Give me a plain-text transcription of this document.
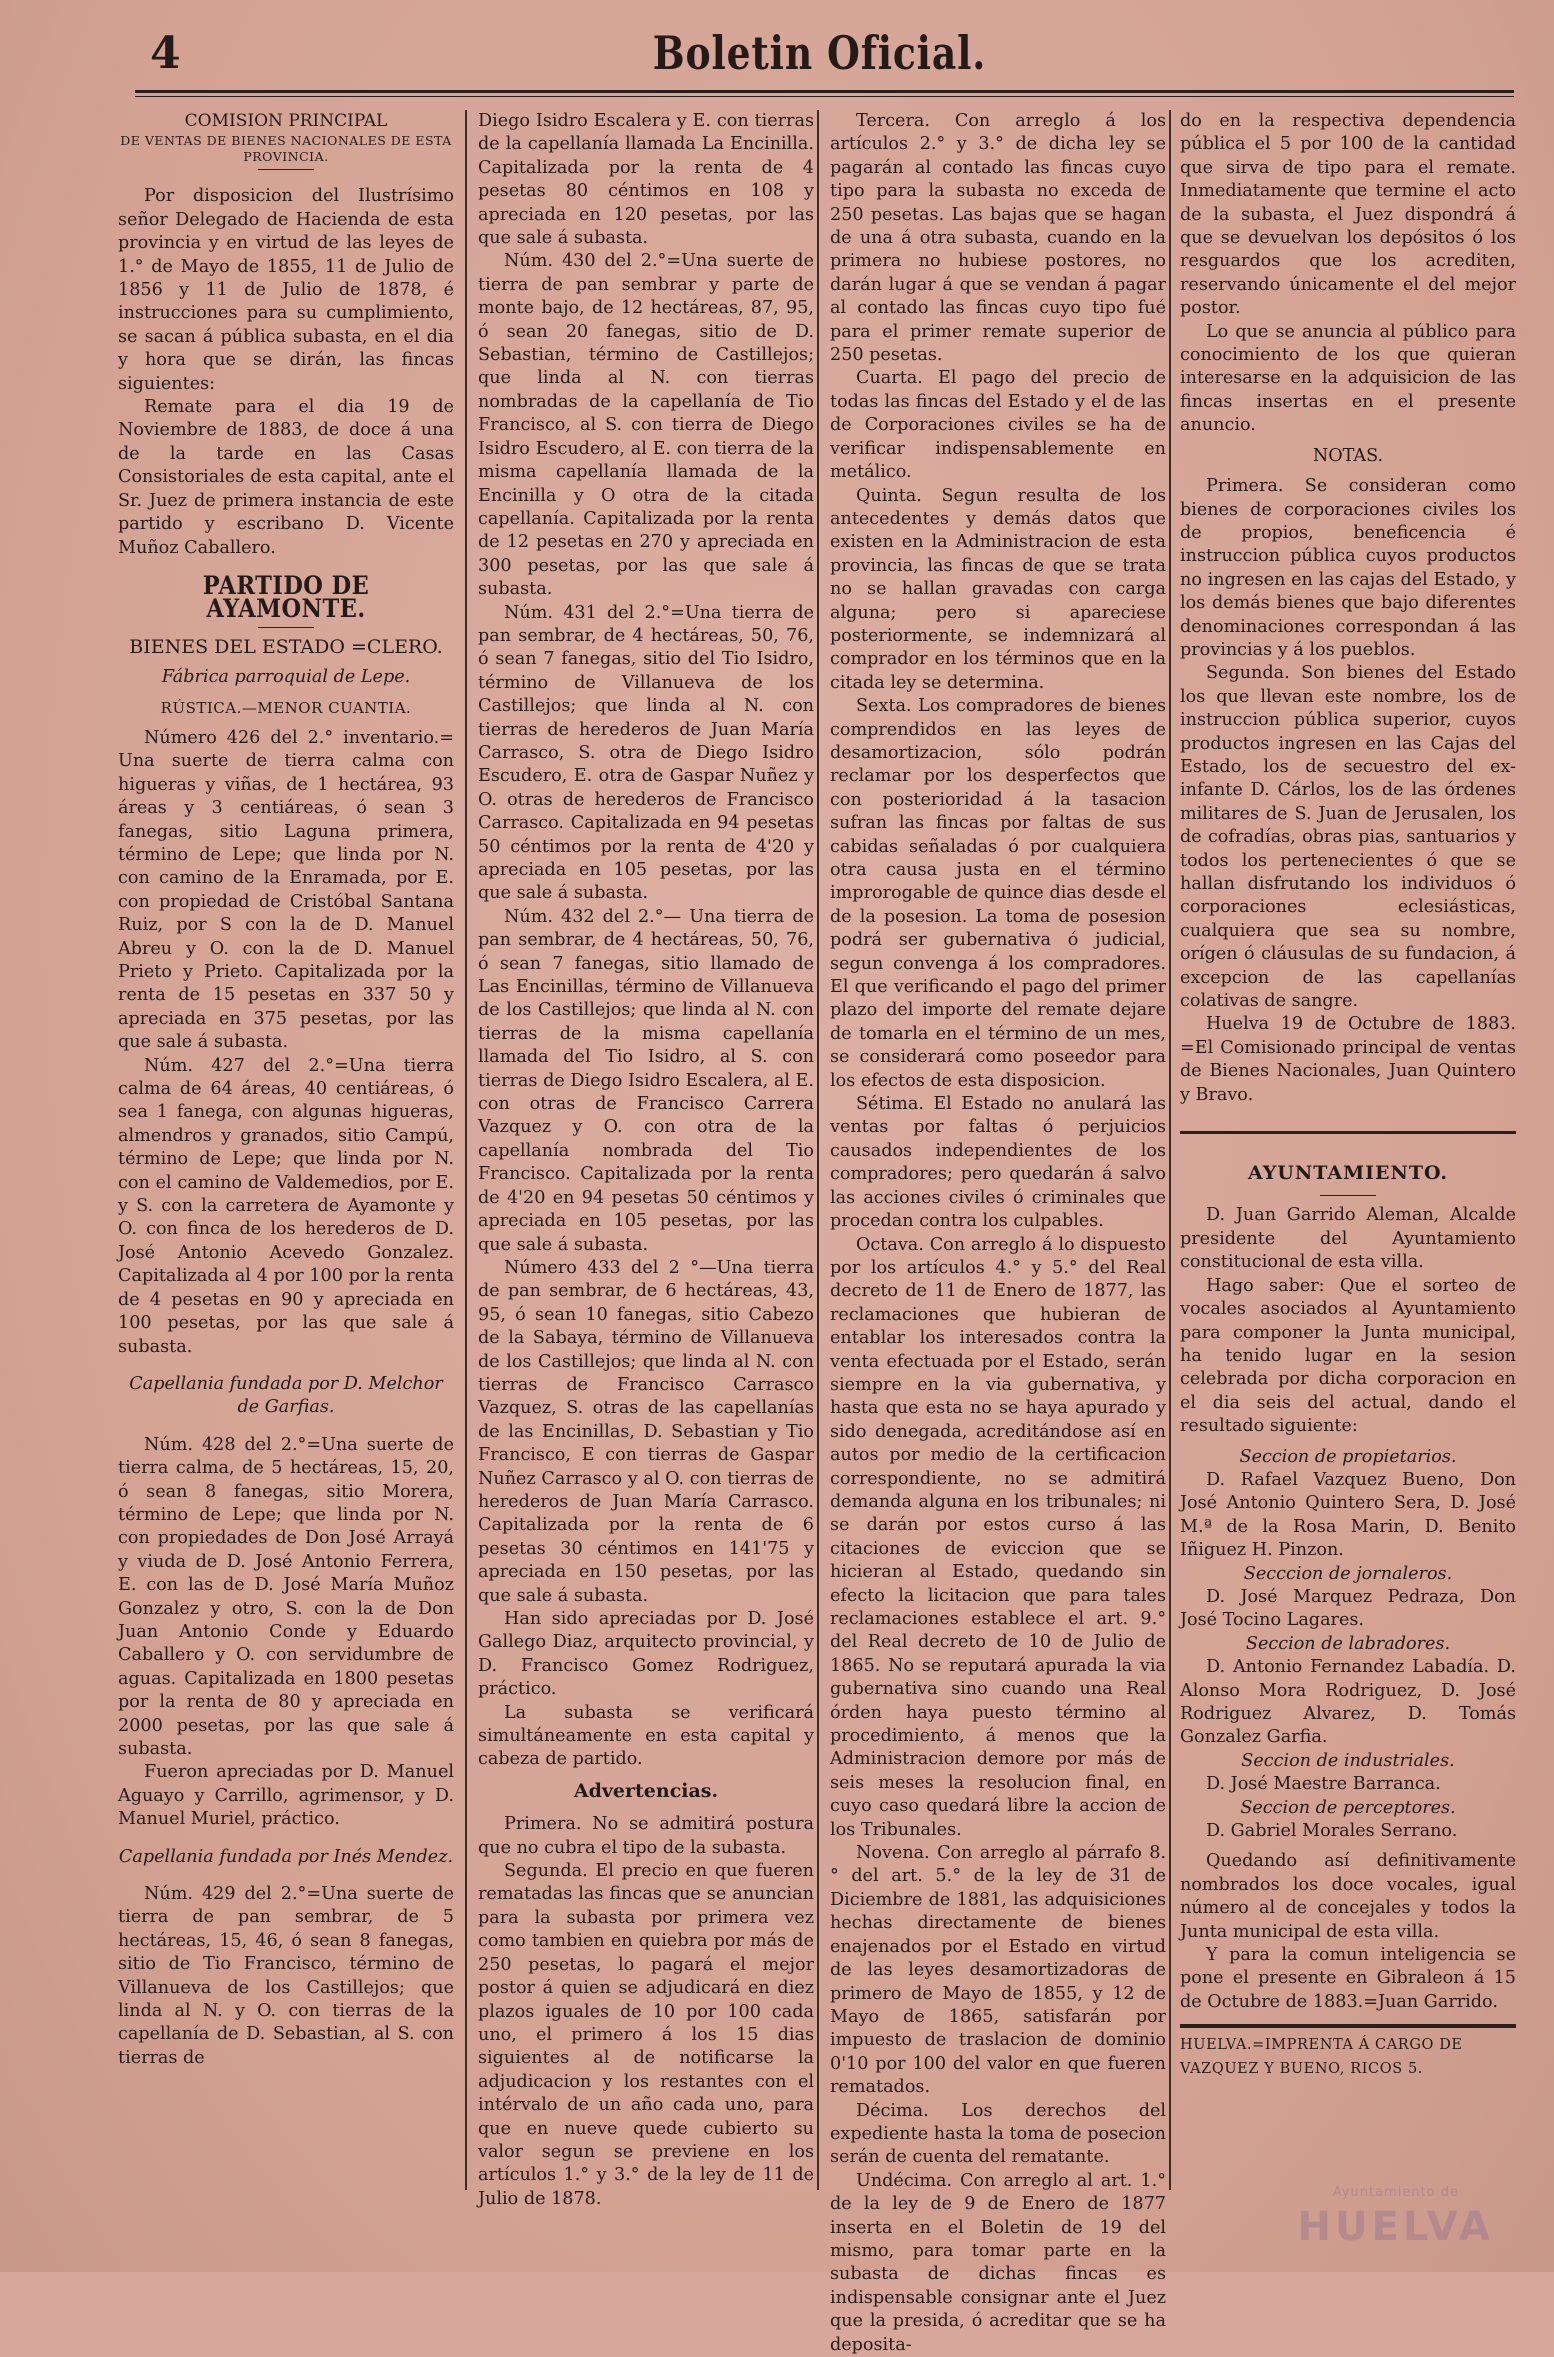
4	Boletin Oficial.

COMISION PRINCIPAL

DE VENTAS DE BIENES NACIONALES DE ESTA PROVINCIA.

Por disposicion del Ilustrísimo señor Delegado de Hacienda de esta provincia y en virtud de las leyes de 1.° de Mayo de 1855, 11 de Julio de 1856 y 11 de Julio de 1878, é instrucciones para su cumplimiento, se sacan á pública subasta, en el dia y hora que se dirán, las fincas siguientes:

Remate para el dia 19 de Noviembre de 1883, de doce á una de la tarde en las Casas Consistoriales de esta capital, ante el Sr. Juez de primera instancia de este partido y escribano D. Vicente Muñoz Caballero.

PARTIDO DE AYAMONTE.

BIENES DEL ESTADO =CLERO.

Fábrica parroquial de Lepe.

RÚSTICA.—MENOR CUANTIA.

Número 426 del 2.° inventario.= Una suerte de tierra calma con higueras y viñas, de 1 hectárea, 93 áreas y 3 centiáreas, ó sean 3 fanegas, sitio Laguna primera, término de Lepe; que linda por N. con camino de la Enramada, por E. con propiedad de Cristóbal Santana Ruiz, por S con la de D. Manuel Abreu y O. con la de D. Manuel Prieto y Prieto. Capitalizada por la renta de 15 pesetas en 337 50 y apreciada en 375 pesetas, por las que sale á subasta.

Núm. 427 del 2.°=Una tierra calma de 64 áreas, 40 centiáreas, ó sea 1 fanega, con algunas higueras, almendros y granados, sitio Campú, término de Lepe; que linda por N. con el camino de Valdemedios, por E. y S. con la carretera de Ayamonte y O. con finca de los herederos de D. José Antonio Acevedo Gonzalez. Capitalizada al 4 por 100 por la renta de 4 pesetas en 90 y apreciada en 100 pesetas, por las que sale á subasta.

Capellania fundada por D. Melchor de Garfias.

Núm. 428 del 2.°=Una suerte de tierra calma, de 5 hectáreas, 15, 20, ó sean 8 fanegas, sitio Morera, término de Lepe; que linda por N. con propiedades de Don José Arrayá y viuda de D. José Antonio Ferrera, E. con las de D. José María Muñoz Gonzalez y otro, S. con la de Don Juan Antonio Conde y Eduardo Caballero y O. con servidumbre de aguas. Capitalizada en 1800 pesetas por la renta de 80 y apreciada en 2000 pesetas, por las que sale á subasta.

Fueron apreciadas por D. Manuel Aguayo y Carrillo, agrimensor, y D. Manuel Muriel, práctico.

Capellania fundada por Inés Mendez.

Núm. 429 del 2.°=Una suerte de tierra de pan sembrar, de 5 hectáreas, 15, 46, ó sean 8 fanegas, sitio de Tio Francisco, término de Villanueva de los Castillejos; que linda al N. y O. con tierras de la capellanía de D. Sebastian, al S. con tierras de

Diego Isidro Escalera y E. con tierras de la capellanía llamada La Encinilla. Capitalizada por la renta de 4 pesetas 80 céntimos en 108 y apreciada en 120 pesetas, por las que sale á subasta.

Núm. 430 del 2.°=Una suerte de tierra de pan sembrar y parte de monte bajo, de 12 hectáreas, 87, 95, ó sean 20 fanegas, sitio de D. Sebastian, término de Castillejos; que linda al N. con tierras nombradas de la capellanía de Tio Francisco, al S. con tierra de Diego Isidro Escudero, al E. con tierra de la misma capellanía llamada de la Encinilla y O otra de la citada capellanía. Capitalizada por la renta de 12 pesetas en 270 y apreciada en 300 pesetas, por las que sale á subasta.

Núm. 431 del 2.°=Una tierra de pan sembrar, de 4 hectáreas, 50, 76, ó sean 7 fanegas, sitio del Tio Isidro, término de Villanueva de los Castillejos; que linda al N. con tierras de herederos de Juan María Carrasco, S. otra de Diego Isidro Escudero, E. otra de Gaspar Nuñez y O. otras de herederos de Francisco Carrasco. Capitalizada en 94 pesetas 50 céntimos por la renta de 4'20 y apreciada en 105 pesetas, por las que sale á subasta.

Núm. 432 del 2.°— Una tierra de pan sembrar, de 4 hectáreas, 50, 76, ó sean 7 fanegas, sitio llamado de Las Encinillas, término de Villanueva de los Castillejos; que linda al N. con tierras de la misma capellanía llamada del Tio Isidro, al S. con tierras de Diego Isidro Escalera, al E. con otras de Francisco Carrera Vazquez y O. con otra de la capellanía nombrada del Tio Francisco. Capitalizada por la renta de 4'20 en 94 pesetas 50 céntimos y apreciada en 105 pesetas, por las que sale á subasta.

Número 433 del 2 °—Una tierra de pan sembrar, de 6 hectáreas, 43, 95, ó sean 10 fanegas, sitio Cabezo de la Sabaya, término de Villanueva de los Castillejos; que linda al N. con tierras de Francisco Carrasco Vazquez, S. otras de las capellanías de las Encinillas, D. Sebastian y Tio Francisco, E con tierras de Gaspar Nuñez Carrasco y al O. con tierras de herederos de Juan María Carrasco. Capitalizada por la renta de 6 pesetas 30 céntimos en 141'75 y apreciada en 150 pesetas, por las que sale á subasta.

Han sido apreciadas por D. José Gallego Diaz, arquitecto provincial, y D. Francisco Gomez Rodriguez, práctico.

La subasta se verificará simultáneamente en esta capital y cabeza de partido.

Advertencias.

Primera. No se admitirá postura que no cubra el tipo de la subasta.

Segunda. El precio en que fueren rematadas las fincas que se anuncian para la subasta por primera vez como tambien en quiebra por más de 250 pesetas, lo pagará el mejor postor á quien se adjudicará en diez plazos iguales de 10 por 100 cada uno, el primero á los 15 dias siguientes al de notificarse la adjudicacion y los restantes con el intérvalo de un año cada uno, para que en nueve quede cubierto su valor segun se previene en los artículos 1.° y 3.° de la ley de 11 de Julio de 1878.

Tercera. Con arreglo á los artículos 2.° y 3.° de dicha ley se pagarán al contado las fincas cuyo tipo para la subasta no exceda de 250 pesetas. Las bajas que se hagan de una á otra subasta, cuando en la primera no hubiese postores, no darán lugar á que se vendan á pagar al contado las fincas cuyo tipo fué para el primer remate superior de 250 pesetas.

Cuarta. El pago del precio de todas las fincas del Estado y el de las de Corporaciones civiles se ha de verificar indispensablemente en metálico.

Quinta. Segun resulta de los antecedentes y demás datos que existen en la Administracion de esta provincia, las fincas de que se trata no se hallan gravadas con carga alguna; pero si apareciese posteriormente, se indemnizará al comprador en los términos que en la citada ley se determina.

Sexta. Los compradores de bienes comprendidos en las leyes de desamortizacion, sólo podrán reclamar por los desperfectos que con posterioridad á la tasacion sufran las fincas por faltas de sus cabidas señaladas ó por cualquiera otra causa justa en el término improrogable de quince dias desde el de la posesion. La toma de posesion podrá ser gubernativa ó judicial, segun convenga á los compradores. El que verificando el pago del primer plazo del importe del remate dejare de tomarla en el término de un mes, se considerará como poseedor para los efectos de esta disposicion.

Sétima. El Estado no anulará las ventas por faltas ó perjuicios causados independientes de los compradores; pero quedarán á salvo las acciones civiles ó criminales que procedan contra los culpables.

Octava. Con arreglo á lo dispuesto por los artículos 4.° y 5.° del Real decreto de 11 de Enero de 1877, las reclamaciones que hubieran de entablar los interesados contra la venta efectuada por el Estado, serán siempre en la via gubernativa, y hasta que esta no se haya apurado y sido denegada, acreditándose así en autos por medio de la certificacion correspondiente, no se admitirá demanda alguna en los tribunales; ni se darán por estos curso á las citaciones de eviccion que se hicieran al Estado, quedando sin efecto la licitacion que para tales reclamaciones establece el art. 9.° del Real decreto de 10 de Julio de 1865. No se reputará apurada la via gubernativa sino cuando una Real órden haya puesto término al procedimiento, á menos que la Administracion demore por más de seis meses la resolucion final, en cuyo caso quedará libre la accion de los Tribunales.

Novena. Con arreglo al párrafo 8.° del art. 5.° de la ley de 31 de Diciembre de 1881, las adquisiciones hechas directamente de bienes enajenados por el Estado en virtud de las leyes desamortizadoras de primero de Mayo de 1855, y 12 de Mayo de 1865, satisfarán por impuesto de traslacion de dominio 0'10 por 100 del valor en que fueren rematados.

Décima. Los derechos del expediente hasta la toma de posecion serán de cuenta del rematante.

Undécima. Con arreglo al art. 1.° de la ley de 9 de Enero de 1877 inserta en el Boletin de 19 del mismo, para tomar parte en la subasta de dichas fincas es indispensable consignar ante el Juez que la presida, ó acreditar que se ha deposita-

do en la respectiva dependencia pública el 5 por 100 de la cantidad que sirva de tipo para el remate. Inmediatamente que termine el acto de la subasta, el Juez dispondrá á que se devuelvan los depósitos ó los resguardos que los acrediten, reservando únicamente el del mejor postor.

Lo que se anuncia al público para conocimiento de los que quieran interesarse en la adquisicion de las fincas insertas en el presente anuncio.

NOTAS.

Primera. Se consideran como bienes de corporaciones civiles los de propios, beneficencia é instruccion pública cuyos productos no ingresen en las cajas del Estado, y los demás bienes que bajo diferentes denominaciones correspondan á las provincias y á los pueblos.

Segunda. Son bienes del Estado los que llevan este nombre, los de instruccion pública superior, cuyos productos ingresen en las Cajas del Estado, los de secuestro del ex-infante D. Cárlos, los de las órdenes militares de S. Juan de Jerusalen, los de cofradías, obras pias, santuarios y todos los pertenecientes ó que se hallan disfrutando los individuos ó corporaciones eclesiásticas, cualquiera que sea su nombre, orígen ó cláusulas de su fundacion, á excepcion de las capellanías colativas de sangre.

Huelva 19 de Octubre de 1883. =El Comisionado principal de ventas de Bienes Nacionales, Juan Quintero y Bravo.

AYUNTAMIENTO.

D. Juan Garrido Aleman, Alcalde presidente del Ayuntamiento constitucional de esta villa.

Hago saber: Que el sorteo de vocales asociados al Ayuntamiento para componer la Junta municipal, ha tenido lugar en la sesion celebrada por dicha corporacion en el dia seis del actual, dando el resultado siguiente:

Seccion de propietarios.

D. Rafael Vazquez Bueno, Don José Antonio Quintero Sera, D. José M.ª de la Rosa Marin, D. Benito Iñiguez H. Pinzon.

Secccion de jornaleros.

D. José Marquez Pedraza, Don José Tocino Lagares.

Seccion de labradores.

D. Antonio Fernandez Labadía. D. Alonso Mora Rodriguez, D. José Rodriguez Alvarez, D. Tomás Gonzalez Garfia.

Seccion de industriales.

D. José Maestre Barranca.

Seccion de perceptores.

D. Gabriel Morales Serrano.

Quedando así definitivamente nombrados los doce vocales, igual número al de concejales y todos la Junta municipal de esta villa.

Y para la comun inteligencia se pone el presente en Gibraleon á 15 de Octubre de 1883.=Juan Garrido.

HUELVA.=IMPRENTA Á CARGO DE VAZQUEZ Y BUENO, RICOS 5.

Ayuntamiento de
HUELVA
